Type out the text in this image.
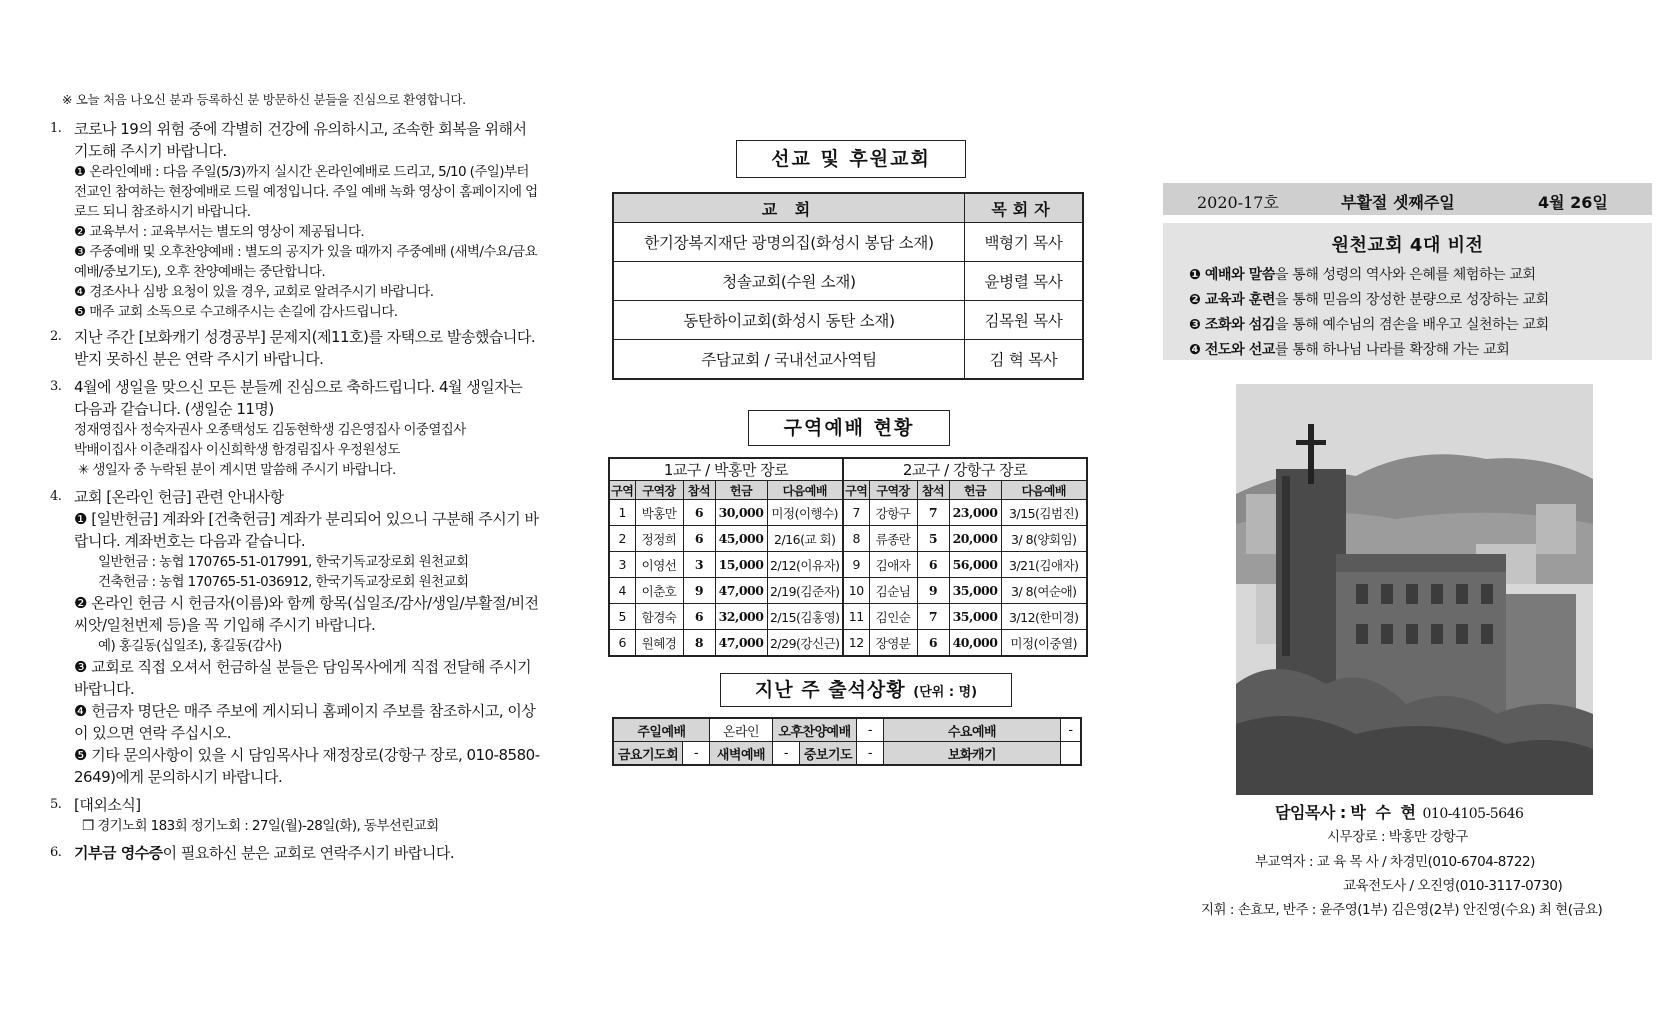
※ 오늘 처음 나오신 분과 등록하신 분 방문하신 분들을 진심으로 환영합니다.
1. 코로나 19의 위험 중에 각별히 건강에 유의하시고, 조속한 회복을 위해서 기도해 주시기 바랍니다.
❶ 온라인예배 : 다음 주일(5/3)까지 실시간 온라인예배로 드리고, 5/10 (주일)부터 전교인 참여하는 현장예배로 드릴 예정입니다. 주일 예배 녹화 영상이 홈페이지에 업로드 되니 참조하시기 바랍니다.
❷ 교육부서 : 교육부서는 별도의 영상이 제공됩니다.
❸ 주중예배 및 오후찬양예배 : 별도의 공지가 있을 때까지 주중예배 (새벽/수요/금요예배/중보기도), 오후 찬양예배는 중단합니다.
❹ 경조사나 심방 요청이 있을 경우, 교회로 알려주시기 바랍니다.
❺ 매주 교회 소독으로 수고해주시는 손길에 감사드립니다.
2. 지난 주간 [보화캐기 성경공부] 문제지(제11호)를 자택으로 발송했습니다. 받지 못하신 분은 연락 주시기 바랍니다.
3. 4월에 생일을 맞으신 모든 분들께 진심으로 축하드립니다. 4월 생일자는 다음과 같습니다. (생일순 11명)
정재영집사 정숙자권사 오종택성도 김동현학생 김은영집사 이중열집사
박배이집사 이춘래집사 이신희학생 함경림집사 우정원성도
✳ 생일자 중 누락된 분이 계시면 말씀해 주시기 바랍니다.
4. 교회 [온라인 헌금] 관련 안내사항
❶ [일반헌금] 계좌와 [건축헌금] 계좌가 분리되어 있으니 구분해 주시기 바랍니다. 계좌번호는 다음과 같습니다.
일반헌금 : 농협 170765-51-017991, 한국기독교장로회 원천교회
건축헌금 : 농협 170765-51-036912, 한국기독교장로회 원천교회
❷ 온라인 헌금 시 헌금자(이름)와 함께 항목(십일조/감사/생일/부활절/비전씨앗/일천번제 등)을 꼭 기입해 주시기 바랍니다.
예) 홍길동(십일조), 홍길동(감사)
❸ 교회로 직접 오셔서 헌금하실 분들은 담임목사에게 직접 전달해 주시기 바랍니다.
❹ 헌금자 명단은 매주 주보에 게시되니 홈페이지 주보를 참조하시고, 이상이 있으면 연락 주십시오.
❺ 기타 문의사항이 있을 시 담임목사나 재정장로(강항구 장로, 010-8580-2649)에게 문의하시기 바랍니다.
5. [대외소식]
❒ 경기노회 183회 정기노회 : 27일(월)-28일(화), 동부선린교회
6. 기부금 영수증이 필요하신 분은 교회로 연락주시기 바랍니다.
선교 및 후원교회
교 회	목회자
한기장복지재단 광명의집(화성시 봉담 소재)	백형기 목사
청솔교회(수원 소재)	윤병렬 목사
동탄하이교회(화성시 동탄 소재)	김목원 목사
주담교회 / 국내선교사역팀	김 혁 목사
구역예배 현황
1교구 / 박홍만 장로					2교구 / 강항구 장로				
구역	구역장	참석	헌금	다음예배	구역	구역장	참석	헌금	다음예배
1	박홍만	6	30,000	미정(이행수)	7	강항구	7	23,000	3/15(김범진)
2	정정희	6	45,000	2/16(교 회)	8	류종란	5	20,000	3/ 8(양회임)
3	이영선	3	15,000	2/12(이유자)	9	김애자	6	56,000	3/21(김애자)
4	이춘호	9	47,000	2/19(김준자)	10	김순님	9	35,000	3/ 8(여순애)
5	함경숙	6	32,000	2/15(김홍영)	11	김인순	7	35,000	3/12(한미경)
6	원혜경	8	47,000	2/29(강신근)	12	장영분	6	40,000	미정(이중열)
지난 주 출석상황 (단위 : 명)
주일예배		온라인	오후찬양예배		-	수요예배	-
금요기도회	-	새벽예배	-	중보기도	-	보화캐기	
2020-17호	부활절 셋째주일	4월 26일
원천교회 4대 비전
❶ 예배와 말씀을 통해 성령의 역사와 은혜를 체험하는 교회
❷ 교육과 훈련을 통해 믿음의 장성한 분량으로 성장하는 교회
❸ 조화와 섬김을 통해 예수님의 겸손을 배우고 실천하는 교회
❹ 전도와 선교를 통해 하나님 나라를 확장해 가는 교회
담임목사 : 박 수 현 010-4105-5646
시무장로 : 박홍만 강항구
부교역자 : 교 육 목 사 / 차경민(010-6704-8722)
교육전도사 / 오진영(010-3117-0730)
지휘 : 손효모, 반주 : 윤주영(1부) 김은영(2부) 안진영(수요) 최 현(금요)
